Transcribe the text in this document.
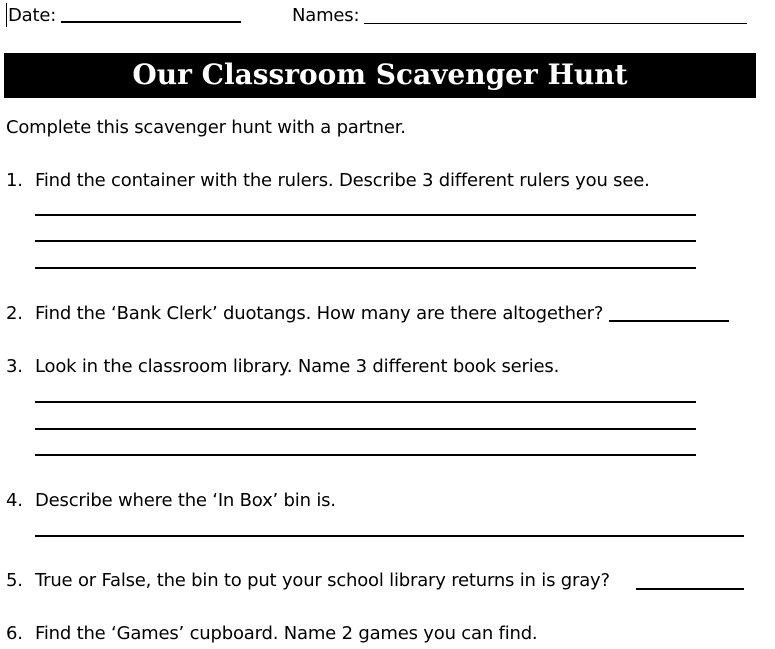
Date:	Names:
Our Classroom Scavenger Hunt
Complete this scavenger hunt with a partner.
1. Find the container with the rulers. Describe 3 different rulers you see.
2. Find the ‘Bank Clerk’ duotangs. How many are there altogether?
3. Look in the classroom library. Name 3 different book series.
4. Describe where the ‘In Box’ bin is.
5. True or False, the bin to put your school library returns in is gray?
6. Find the ‘Games’ cupboard. Name 2 games you can find.
